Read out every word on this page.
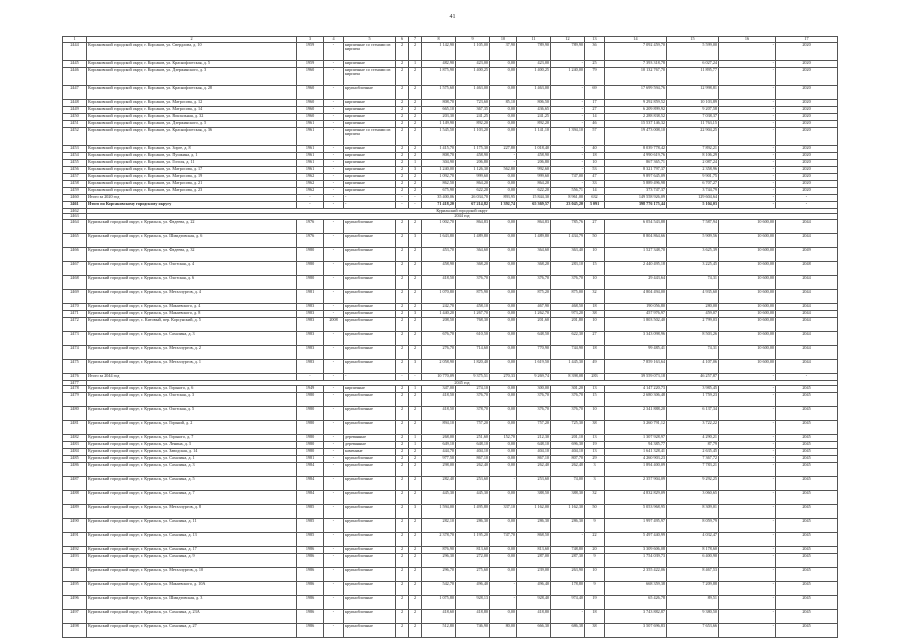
41
1	2	3	4	5	6	7	8	9	10	11	12	13	14	15	16	17
2444	Корсаковский городской округ, г. Корсаков, ул. Свердлова, д. 10	1959	-	кирпичные со стенами из кирпича	2	2	1 142,90	1 105,00	37,90	789,90	789,90	36	7 092 459,70	5 599,00	-	2020
2445	Корсаковский городской округ, г. Корсаков, ул. Краснофлотская, д. 5	1959	-	кирпичные	2	1	482,90	423,00	0,00	423,00	-	25	7 393 318,78	6 027,24	-	2020
2446	Корсаковский городской округ, г. Корсаков, ул. Дзержинского, д. 3	1960	-	кирпичные со стенами из кирпича	2	2	1 875,90	1 400,25	0,00	1 400,25	1 240,00	79	10 132 767,70	11 895,77	-	2020
2447	Корсаковский городской округ, г. Корсаков, ул. Краснофлотская, д. 28	1960	-	крупноблочные	2	2	1 575,60	1 463,00	0,00	1 463,00	-	69	17 699 594,76	12 998,81	-	2020
2448	Корсаковский городской округ, г. Корсаков, ул. Матросова, д. 12	1960	-	кирпичные	2	2	808,70	723,60	85,10	806,50	-	17	9 292 859,52	10 103,89	-	2020
2449	Корсаковский городской округ, г. Корсаков, ул. Матросова, д. 14	1960	-	кирпичные	2	2	665,10	367,35	0,00	436,65	-	27	6 209 899,92	9 207,58	-	2020
2450	Корсаковский городской округ, г. Корсаков, ул. Вокзальная, д. 32	1960	-	кирпичные	2	2	203,30	241,25	0,00	241,25	-	14	2 288 838,52	7 038,37	-	2020
2451	Корсаковский городской округ, г. Корсаков, ул. Дзержинского, д. 5	1961	-	кирпичные	2	2	1 149,90	892,20	0,00	892,20	-	46	15 537 146,32	11 763,15	-	2020
2452	Корсаковский городской округ, г. Корсаков, ул. Краснофлотская, д. 36	1961	-	кирпичные со стенами из кирпича	2	2	1 545,50	1 103,20	0,00	1 141,10	1 394,10	57	19 473 008,10	22 904,25	-	2020
2453	Корсаковский городской округ, г. Корсаков, ул. Зорге, д. 8	1961	-	кирпичные	2	2	1 415,70	1 175,30	227,80	1 018,40	-	40	8 039 778,42	7 892,21	-	2020
2454	Корсаковский городской округ, г. Корсаков, ул. Пушкина, д. 1	1961	-	кирпичные	2	2	808,70	458,90	-	458,90	-	18	4 990 619,76	8 106,29	-	2020
2455	Корсаковский городской округ, г. Корсаков, ул. Гоголя, д. 11	1961	-	кирпичные	2	1	304,90	206,80	-	206,80	-	10	867 365,71	2 087,24	-	2020
2456	Корсаковский городской округ, г. Корсаков, ул. Матросова, д. 17	1961	-	кирпичные	2	3	1 240,00	1 126,30	562,80	992,60	-	53	8 321 797,37	2 358,96	-	2020
2457	Корсаковский городской округ, г. Корсаков, ул. Матросова, д. 19	1962	-	кирпичные	2	2	1 092,70	999,60	0,00	999,60	747,00	47	9 897 645,09	9 901,75	-	2020
2458	Корсаковский городской округ, г. Корсаков, ул. Матросова, д. 21	1962	-	кирпичные	2	2	862,50	864,20	0,00	864,20	-	33	5 889 496,98	6 707,27	-	2020
2459	Корсаковский городской округ, г. Корсаков, ул. Матросова, д. 23	1962	-	кирпичные	2	2	675,90	622,20	0,00	622,20	556,71	14	373 747,37	3 744,79	-	2020
2460	Итого за 2020 год	-	-	-	-	-	35 400,06	26 034,70	893,95	15 844,30	8 961,00	632	149 558 926,09	129 604,64	-	-
2461	Итого по Корсаковскому городскому округу	-	-	-	-	-	71 418,20	67 214,82	1 392,74	65 369,57	23 045,20	3 091	398 776 175,44	5 104,03	-	-
2462	Курильский городской округ															
2463	2044 год															
2464	Курильский городской округ, г. Курильск, ул. Фадеева, д. 22	1976	-	крупноблочные	2	2	1 002,70	864,83	0,00	864,83	785,76	27	6 054 543,88	7 587,94	10 600,00	2044
2465	Курильский городской округ, г. Курильск, ул. Шмидтовская, д. 6	1976	-	крупноблочные	2	3	1 643,80	1 489,80	0,00	1 489,80	1 434,79	50	8 804 864,66	5 909,56	10 600,00	2044
2466	Курильский городской округ, г. Курильск, ул. Фадеева, д. 32	1980	-	крупноблочные	2	2	453,70	364,60	0,00	364,60	363,40	10	1 527 348,70	3 625,39	10 600,00	2049
2467	Курильский городской округ, г. Курильск, ул. Охотская, д. 4	1980	-	крупноблочные	2	2	458,90	368,20	0,00	368,20	283,10	15	2 440 495,18	3 225,45	10 600,00	2048
2468	Курильский городской округ, г. Курильск, ул. Охотская, д. 6	1980	-	крупноблочные	2	2	418,50	376,70	0,00	376,70	376,70	10	29 443,64	74,31	10 600,00	2044
2469	Курильский городской округ, г. Курильск, ул. Металлургов, д. 4	1981	-	крупноблочные	2	2	1 070,80	875,90	0,00	875,20	875,00	32	4 804 494,00	4 935,60	10 600,00	2044
2470	Курильский городской округ, г. Курильск, ул. Макаевского, д. 4	1983	-	крупноблочные	2	2	242,70	458,10	0,00	467,90	468,50	18	190 056,80	280,00	10 600,00	2044
2471	Курильский городской округ, г. Курильск, ул. Макаевского, д. 8	1983	-	крупноблочные	2	3	1 440,20	1 267,70	0,00	1 262,70	973,20	38	457 976,97	459,07	10 600,00	2044
2472	Курильский городской округ, с. Китовый, пер. Корсунский, д. 5	1983	2008	крупноблочные	2	2	208,50	768,30	0,00	201,60	201,80	10	1 803 502,40	2 799,03	10 600,00	2044
2473	Курильский городской округ, г. Курильск, ул. Сахалина, д. 3	1983	-	крупноблочные	2	2	676,70	610,50	0,00	648,50	622,30	27	3 343 098,96	8 503,26	10 600,00	2044
2474	Курильский городской округ, г. Курильск, ул. Металлургов, д. 2	1983	-	крупноблочные	2	2	276,70	714,60	0,00	770,90	744,90	18	99 485,41	74,31	10 600,00	2044
2475	Курильский городской округ, г. Курильск, ул. Металлургов, д. 1	1983	-	крупноблочные	2	3	2 058,90	1 820,40	0,00	1 619,50	1 445,30	49	7 859 163,64	4 107,06	10 600,00	2044
2476	Итого за 2044 год	-	-	-	-	-	10 770,09	9 375,51	270,33	9 269,74	8 398,08	283	39 559 073,18	46 257,87	-	-
2477	2045 год															
2478	Курильский городской округ, г. Курильск, ул. Горького, д. 6	1949	-	кирпичные	2	1	347,00	274,10	0,00	300,00	301,20	13	4 147 220,73	3 985,45	-	2045
2479	Курильский городской округ, г. Курильск, ул. Охотская, д. 3	1980	-	крупноблочные	2	2	418,50	376,70	0,00	376,70	376,70	15	2 680 306,48	1 759,23	-	2045
2480	Курильский городской округ, г. Курильск, ул. Охотская, д. 5	1980	-	крупноблочные	2	2	418,50	378,70	0,00	376,70	376,70	10	2 341 888,20	6 137,34	-	2045
2481	Курильский городской округ, г. Курильск, ул. Горький, д. 2	1980	-	крупноблочные	2	2	894,10	757,20	0,00	757,20	725,30	38	3 260 791,12	3 722,22	-	2045
2482	Курильский городской округ, г. Курильск, ул. Горького, д. 7	1980	-	деревянные	2	1	268,00	251,60	152,70	212,30	201,10	13	1 307 928,97	4 290,21	-	2045
2483	Курильский городской округ, г. Курильск, ул. Ленина, д. 3	1980	-	деревянные	2	1	649,10	648,10	0,00	648,10	696,30	19	94 385,77	87,79	-	2045
2484	Курильский городской округ, г. Курильск, ул. Заводская, д. 14	1980	-	каменные	2	2	444,70	404,10	0,00	404,10	404,10	13	1 641 328,41	2 635,45	-	2045
2485	Курильский городской округ, г. Курильск, ул. Сахалина, д. 1	1981	-	крупноблочные	2	2	977,50	867,10	0,00	867,10	807,70	29	4 260 903,23	7 367,72	-	2045
2486	Курильский городской округ, г. Курильск, ул. Сахалина, д. 3	1984	-	крупноблочные	2	2	298,00	262,40	0,00	262,40	262,40	3	1 894 400,09	7 783,21	-	2045
2487	Курильский городской округ, г. Курильск, ул. Сахалина, д. 5	1984	-	крупноблочные	2	2	282,40	253,60	-	253,60	74,00	3	2 357 904,09	9 292,25	-	2045
2488	Курильский городской округ, г. Курильск, ул. Сахалина, д. 7	1984	-	крупноблочные	2	2	445,30	445,30	0,00	388,50	388,30	32	4 832 829,09	3 060,65	-	2045
2489	Курильский городской округ, г. Курильск, ул. Металлургов, д. 8	1985	-	крупноблочные	2	3	1 594,00	1 495,80	337,10	1 162,00	1 162,30	50	5 053 968,95	8 309,01	-	2045
2490	Курильский городской округ, г. Курильск, ул. Сахалина, д. 11	1985	-	крупноблочные	2	2	282,10	286,30	0,00	286,30	286,30	9	1 997 495,97	8 059,79	-	2045
2491	Курильский городской округ, г. Курильск, ул. Сахалина, д. 13	1985	-	крупноблочные	2	2	2 378,70	1 195,20	747,70	868,50	-	22	5 497 440,99	4 032,47	-	2045
2492	Курильский городской округ, г. Курильск, ул. Сахалина, д. 17	1986	-	крупноблочные	2	2	876,90	813,60	0,00	813,60	748,80	20	3 309 606,08	8 178,60	-	2045
2493	Курильский городской округ, г. Курильск, ул. Сахалина, д. 9	1986	-	крупноблочные	2	2	296,30	272,00	0,00	287,00	287,30	9	1 754 039,73	6 400,90	-	2045
2494	Курильский городской округ, г. Курильск, ул. Металлургов, д. 10	1986	-	крупноблочные	2	2	296,70	275,60	0,00	239,00	263,90	10	2 355 422,06	8 467,53	-	2045
2495	Курильский городской округ, г. Курильск, ул. Макаевского, д. 10А	1986	-	крупноблочные	2	2	542,70	496,40	-	496,40	178,80	9	668 359,38	7 209,88	-	2045
2496	Курильский городской округ, г. Курильск, ул. Шмидтовская, д. 3	1986	-	крупноблочные	2	2	1 075,80	928,13	-	928,40	974,40	19	65 426,78	89,51	-	2045
2497	Курильский городской округ, г. Курильск, ул. Сахалина, д. 23А	1986	-	крупноблочные	2	2	418,60	418,80	0,00	418,80	-	18	3 743 882,87	9 380,50	-	2045
2498	Курильский городской округ, г. Курильск, ул. Сахалина, д. 27	1986	-	крупноблочные	2	2	512,80	746,90	80,00	666,30	686,38	38	3 507 696,83	7 653,66	-	2045
